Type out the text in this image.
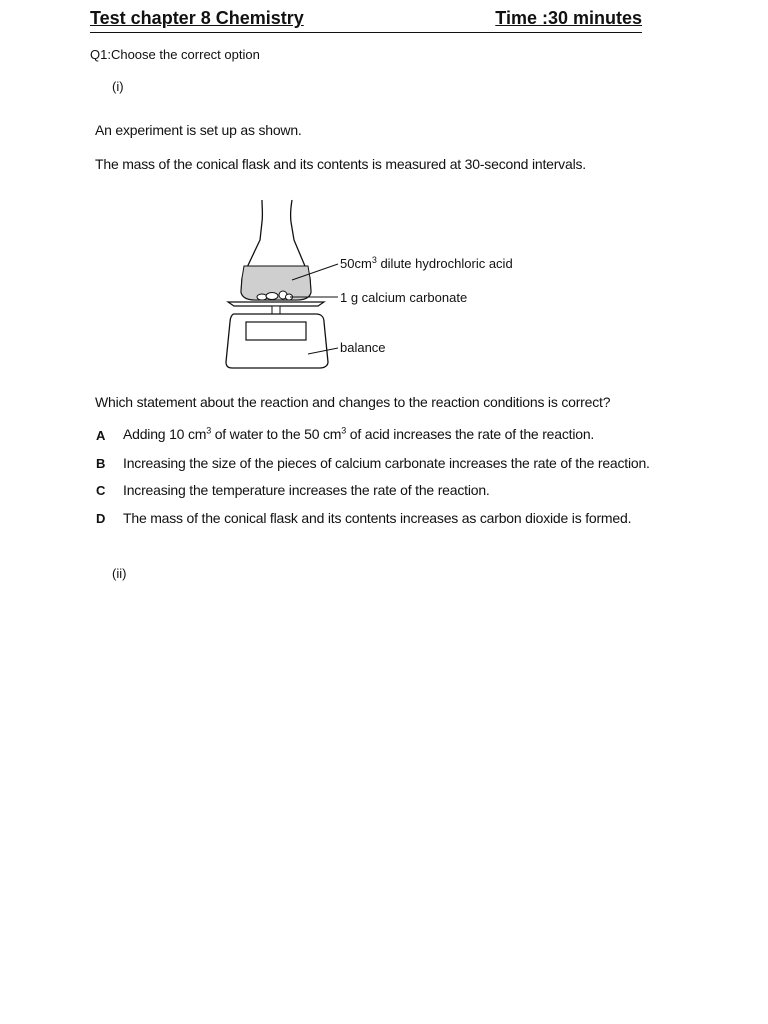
Test chapter 8 Chemistry	Time :30 minutes
Q1:Choose the correct option
(i)
An experiment is set up as shown.
The mass of the conical flask and its contents is measured at 30-second intervals.
$50cm^3$ dilute hydrochloric acid
1 g calcium carbonate
balance
Which statement about the reaction and changes to the reaction conditions is correct?
A Adding 10 $cm^3$ of water to the 50 $cm^3$ of acid increases the rate of the reaction.
B Increasing the size of the pieces of calcium carbonate increases the rate of the reaction.
C Increasing the temperature increases the rate of the reaction.
D The mass of the conical flask and its contents increases as carbon dioxide is formed.
(ii)
